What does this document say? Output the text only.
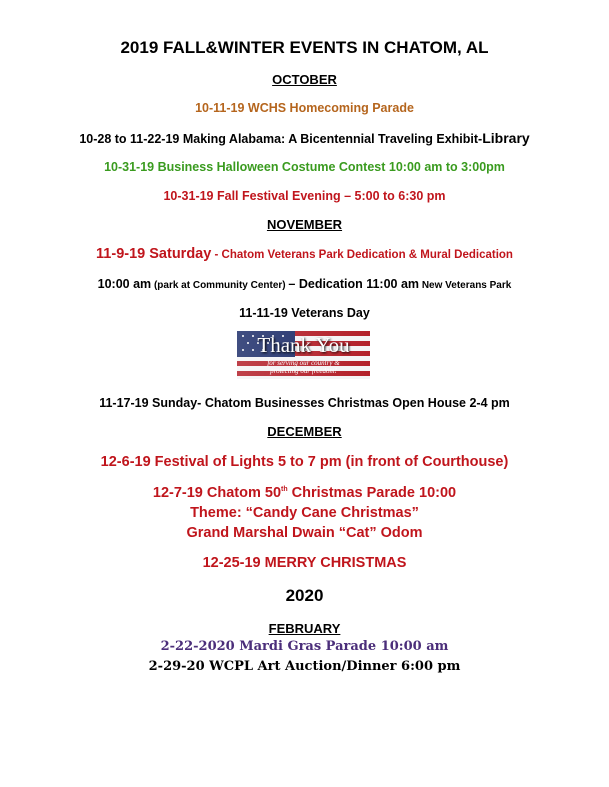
2019 FALL&WINTER EVENTS IN CHATOM, AL
OCTOBER
10-11-19 WCHS Homecoming Parade
10-28 to 11-22-19 Making Alabama: A Bicentennial Traveling Exhibit-Library
10-31-19 Business Halloween Costume Contest 10:00 am to 3:00pm
10-31-19 Fall Festival Evening – 5:00 to 6:30 pm
NOVEMBER
11-9-19 Saturday - Chatom Veterans Park Dedication & Mural Dedication
10:00 am (park at Community Center) – Dedication 11:00 am New Veterans Park
11-11-19 Veterans Day
Thank You
for serving our country &
protecting our freedom!
11-17-19 Sunday- Chatom Businesses Christmas Open House 2-4 pm
DECEMBER
12-6-19 Festival of Lights 5 to 7 pm (in front of Courthouse)
12-7-19 Chatom 50th Christmas Parade 10:00
Theme: “Candy Cane Christmas”
Grand Marshal Dwain “Cat” Odom
12-25-19 MERRY CHRISTMAS
2020
FEBRUARY
2-22-2020 Mardi Gras Parade 10:00 am
2-29-20 WCPL Art Auction/Dinner 6:00 pm
